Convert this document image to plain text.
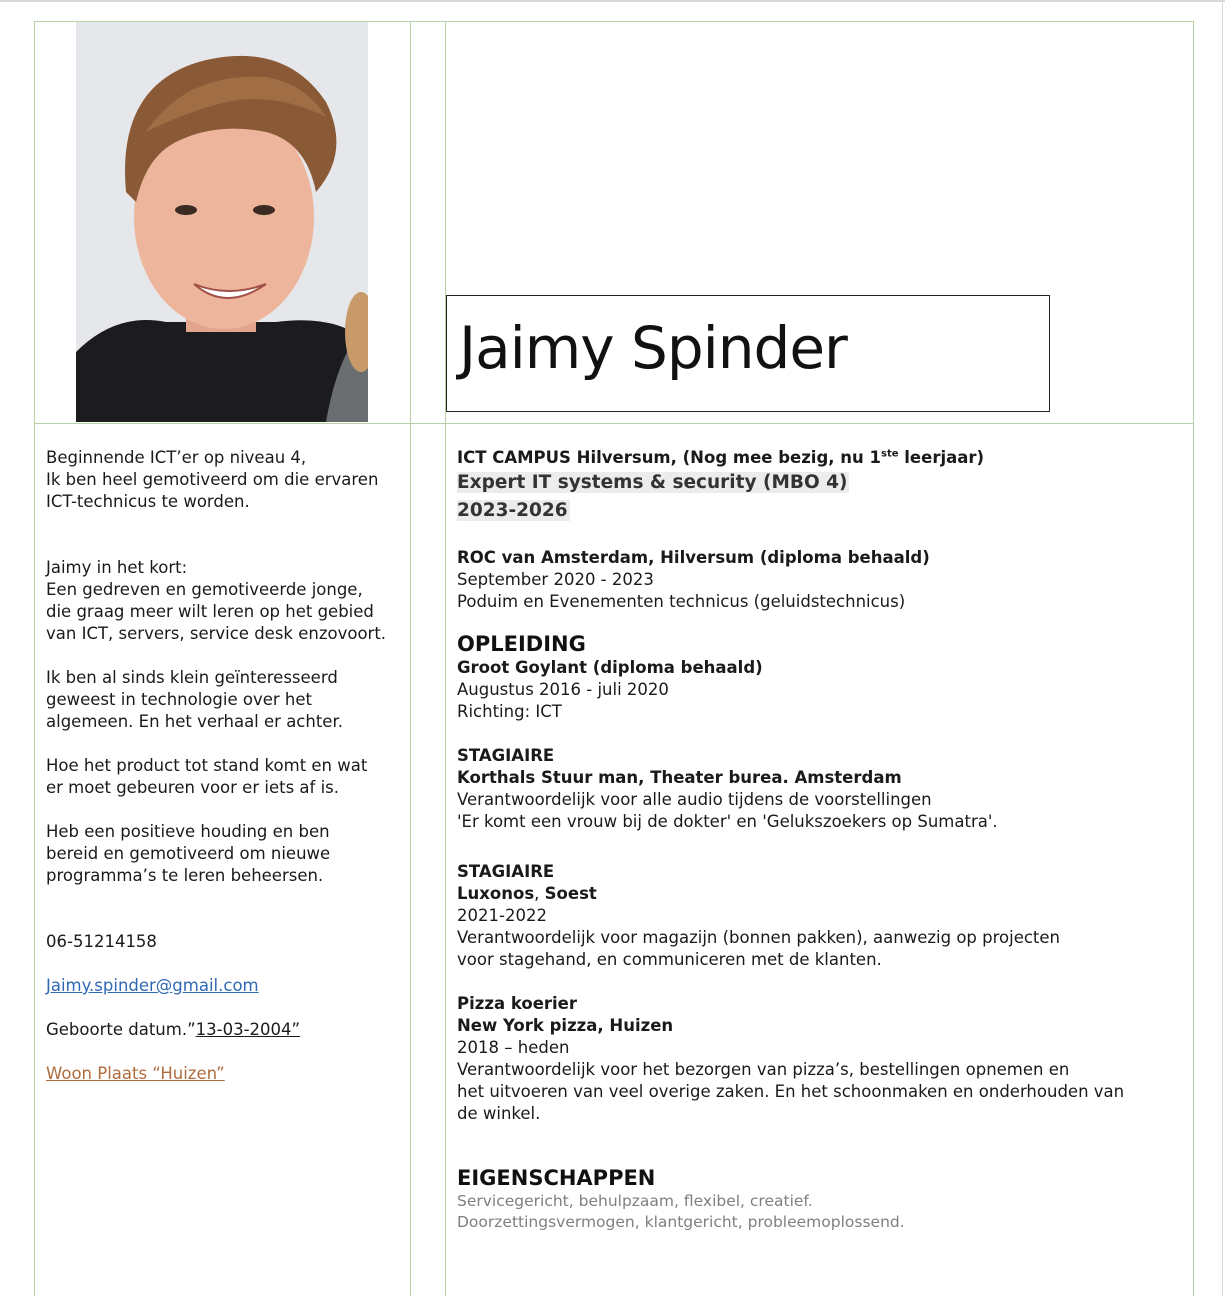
Jaimy Spinder

Beginnende ICT’er op niveau 4,

Ik ben heel gemotiveerd om die ervaren

ICT-technicus te worden.

Jaimy in het kort:

Een gedreven en gemotiveerde jonge,

die graag meer wilt leren op het gebied

van ICT, servers, service desk enzovoort.

Ik ben al sinds klein geïnteresseerd

geweest in technologie over het

algemeen. En het verhaal er achter.

Hoe het product tot stand komt en wat

er moet gebeuren voor er iets af is.

Heb een positieve houding en ben

bereid en gemotiveerd om nieuwe

programma’s te leren beheersen.

06-51214158

Jaimy.spinder@gmail.com

Geboorte datum.”13-03-2004”

Woon Plaats “Huizen”

ICT CAMPUS Hilversum, (Nog mee bezig, nu 1ste leerjaar)

Expert IT systems & security (MBO 4)

2023-2026

ROC van Amsterdam, Hilversum (diploma behaald)

September 2020 - 2023

Poduim en Evenementen technicus (geluidstechnicus)

OPLEIDING

Groot Goylant (diploma behaald)

Augustus 2016 - juli 2020

Richting: ICT

STAGIAIRE

Korthals Stuur man, Theater burea. Amsterdam

Verantwoordelijk voor alle audio tijdens de voorstellingen

'Er komt een vrouw bij de dokter' en 'Gelukszoekers op Sumatra'.

STAGIAIRE

Luxonos, Soest

2021-2022

Verantwoordelijk voor magazijn (bonnen pakken), aanwezig op projecten

voor stagehand, en communiceren met de klanten.

Pizza koerier

New York pizza, Huizen

2018 – heden

Verantwoordelijk voor het bezorgen van pizza’s, bestellingen opnemen en

het uitvoeren van veel overige zaken. En het schoonmaken en onderhouden van

de winkel.

EIGENSCHAPPEN

Servicegericht, behulpzaam, flexibel, creatief.

Doorzettingsvermogen, klantgericht, probleemoplossend.
